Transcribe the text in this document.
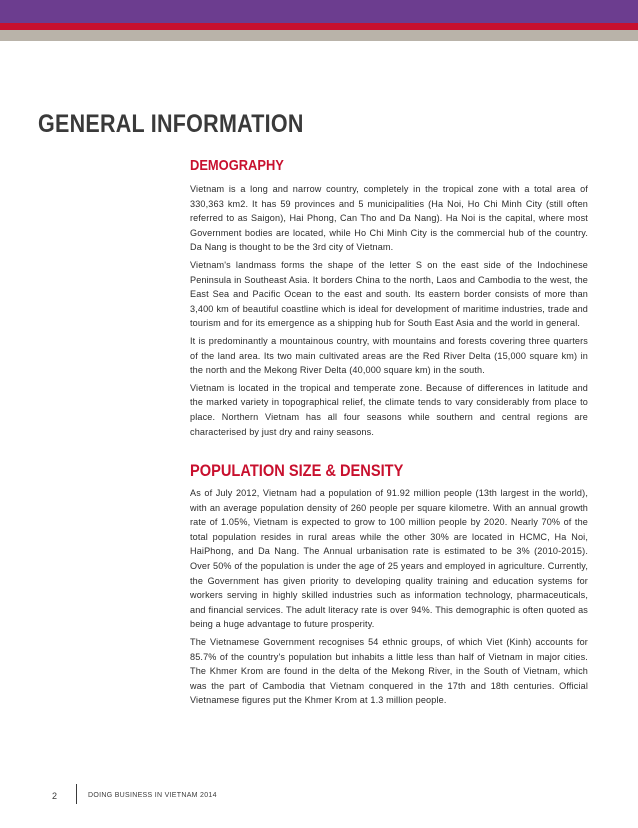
GENERAL INFORMATION
DEMOGRAPHY

Vietnam is a long and narrow country, completely in the tropical zone with a total area of 330,363 km2. It has 59 provinces and 5 municipalities (Ha Noi, Ho Chi Minh City (still often referred to as Saigon), Hai Phong, Can Tho and Da Nang). Ha Noi is the capital, where most Government bodies are located, while Ho Chi Minh City is the commercial hub of the country. Da Nang is thought to be the 3rd city of Vietnam.

Vietnam's landmass forms the shape of the letter S on the east side of the Indochinese Peninsula in Southeast Asia. It borders China to the north, Laos and Cambodia to the west, the East Sea and Pacific Ocean to the east and south. Its eastern border consists of more than 3,400 km of beautiful coastline which is ideal for development of maritime industries, trade and tourism and for its emergence as a shipping hub for South East Asia and the world in general.

It is predominantly a mountainous country, with mountains and forests covering three quarters of the land area. Its two main cultivated areas are the Red River Delta (15,000 square km) in the north and the Mekong River Delta (40,000 square km) in the south.

Vietnam is located in the tropical and temperate zone. Because of differences in latitude and the marked variety in topographical relief, the climate tends to vary considerably from place to place. Northern Vietnam has all four seasons while southern and central regions are characterised by just dry and rainy seasons.

POPULATION SIZE & DENSITY

As of July 2012, Vietnam had a population of 91.92 million people (13th largest in the world), with an average population density of 260 people per square kilometre. With an annual growth rate of 1.05%, Vietnam is expected to grow to 100 million people by 2020. Nearly 70% of the total population resides in rural areas while the other 30% are located in HCMC, Ha Noi, HaiPhong, and Da Nang. The Annual urbanisation rate is estimated to be 3% (2010-2015). Over 50% of the population is under the age of 25 years and employed in agriculture. Currently, the Government has given priority to developing quality training and education systems for workers serving in highly skilled industries such as information technology, pharmaceuticals, and financial services. The adult literacy rate is over 94%. This demographic is often quoted as being a huge advantage to future prosperity.

The Vietnamese Government recognises 54 ethnic groups, of which Viet (Kinh) accounts for 85.7% of the country's population but inhabits a little less than half of Vietnam in major cities. The Khmer Krom are found in the delta of the Mekong River, in the South of Vietnam, which was the part of Cambodia that Vietnam conquered in the 17th and 18th centuries. Official Vietnamese figures put the Khmer Krom at 1.3 million people.

2	DOING BUSINESS IN VIETNAM 2014
